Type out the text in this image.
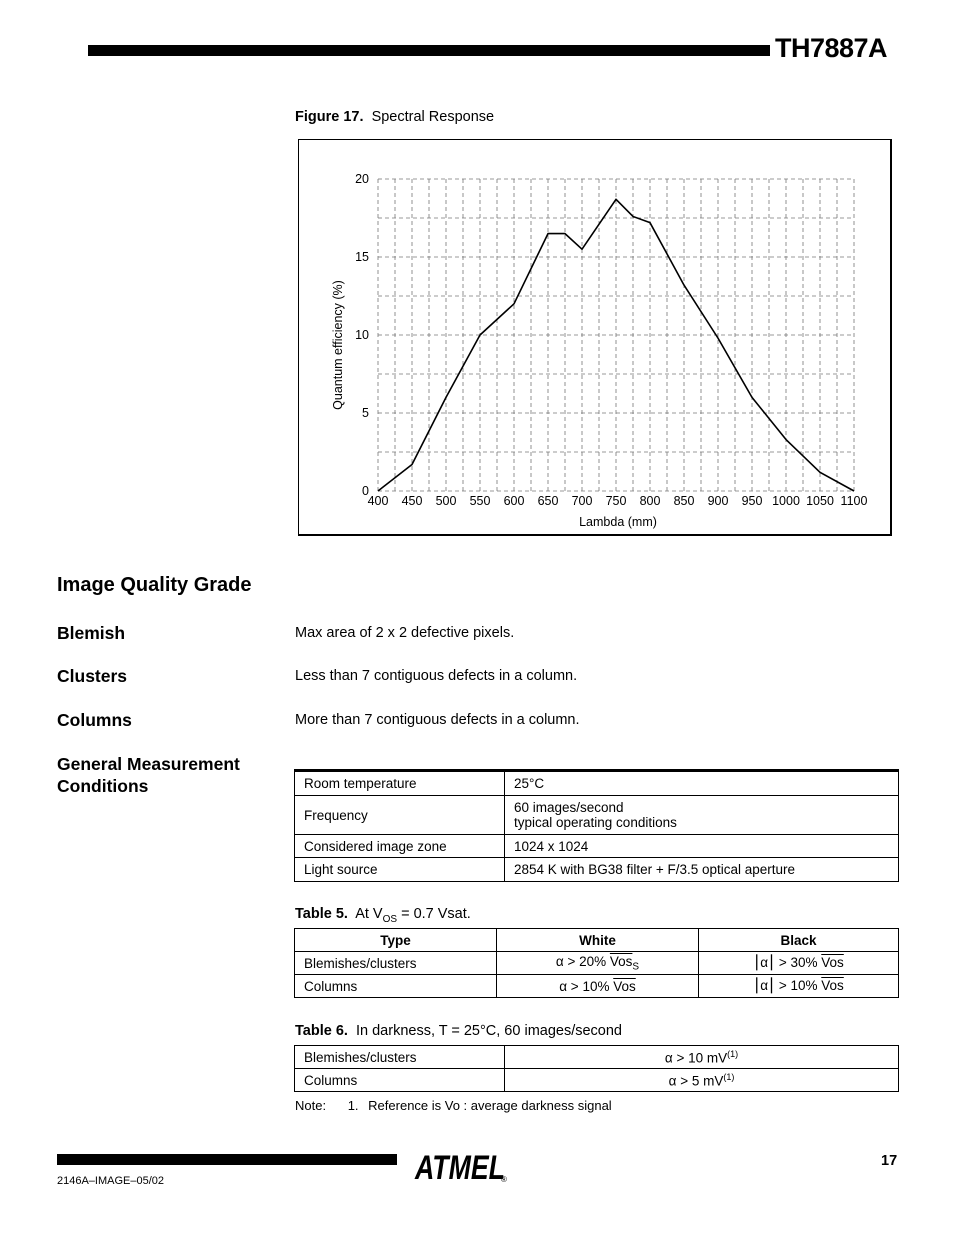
TH7887A
Figure 17. Spectral Response
400 450 500 550 600 650 700 750 800 850 900 950 1000 1050 1100
0
5
10
15
20
Lambda (mm)
Quantum efficiency (%)
Image Quality Grade
Blemish	Max area of 2 x 2 defective pixels.
Clusters	Less than 7 contiguous defects in a column.
Columns	More than 7 contiguous defects in a column.
General Measurement
Conditions	Room temperature	25°C
Frequency	60 images/second
typical operating conditions
Considered image zone	1024 x 1024
Light source	2854 K with BG38 filter + F/3.5 optical aperture
Table 5. At $V_{OS} = 0.7$ Vsat.
Type	White	Black
Blemishes/clusters	α > 20% $\overline{Vos}_S$	⎮α⎮ > 30% $\overline{Vos}$
Columns	α > 10% $\overline{Vos}$	⎮α⎮ > 10% $\overline{Vos}$
Table 6. In darkness, T = 25°C, 60 images/second
Blemishes/clusters	α > 10 $mV^{(1)}$
Columns	α > 5 $mV^{(1)}$
Note: 1. Reference is Vo : average darkness signal
2146A–IMAGE–05/02
17
ATMEL
®
